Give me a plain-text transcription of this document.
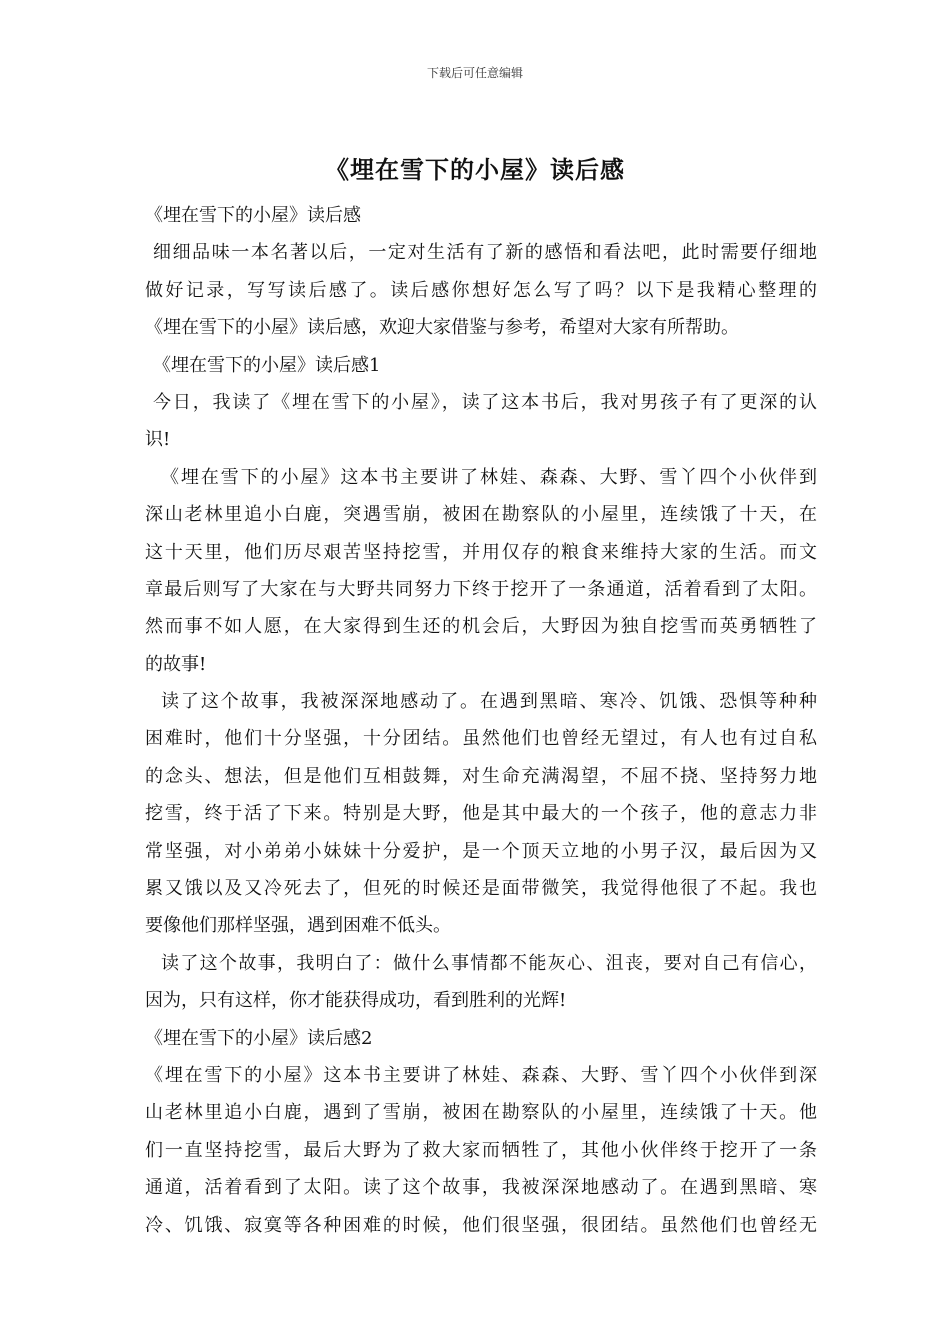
下载后可任意编辑
《埋在雪下的小屋》读后感
《埋在雪下的小屋》读后感
细细品味一本名著以后，一定对生活有了新的感悟和看法吧，此时需要仔细地
做好记录，写写读后感了。读后感你想好怎么写了吗？以下是我精心整理的
《埋在雪下的小屋》读后感，欢迎大家借鉴与参考，希望对大家有所帮助。
《埋在雪下的小屋》读后感1
今日，我读了《埋在雪下的小屋》，读了这本书后，我对男孩子有了更深的认
识!
《埋在雪下的小屋》这本书主要讲了林娃、森森、大野、雪丫四个小伙伴到
深山老林里追小白鹿，突遇雪崩，被困在勘察队的小屋里，连续饿了十天，在
这十天里，他们历尽艰苦坚持挖雪，并用仅存的粮食来维持大家的生活。而文
章最后则写了大家在与大野共同努力下终于挖开了一条通道，活着看到了太阳。
然而事不如人愿，在大家得到生还的机会后，大野因为独自挖雪而英勇牺牲了
的故事!
读了这个故事，我被深深地感动了。在遇到黑暗、寒冷、饥饿、恐惧等种种
困难时，他们十分坚强，十分团结。虽然他们也曾经无望过，有人也有过自私
的念头、想法，但是他们互相鼓舞，对生命充满渴望，不屈不挠、坚持努力地
挖雪，终于活了下来。特别是大野，他是其中最大的一个孩子，他的意志力非
常坚强，对小弟弟小妹妹十分爱护，是一个顶天立地的小男子汉，最后因为又
累又饿以及又冷死去了，但死的时候还是面带微笑，我觉得他很了不起。我也
要像他们那样坚强，遇到困难不低头。
读了这个故事，我明白了：做什么事情都不能灰心、沮丧，要对自己有信心，
因为，只有这样，你才能获得成功，看到胜利的光辉!
《埋在雪下的小屋》读后感2
《埋在雪下的小屋》这本书主要讲了林娃、森森、大野、雪丫四个小伙伴到深
山老林里追小白鹿，遇到了雪崩，被困在勘察队的小屋里，连续饿了十天。他
们一直坚持挖雪，最后大野为了救大家而牺牲了，其他小伙伴终于挖开了一条
通道，活着看到了太阳。读了这个故事，我被深深地感动了。在遇到黑暗、寒
冷、饥饿、寂寞等各种困难的时候，他们很坚强，很团结。虽然他们也曾经无
